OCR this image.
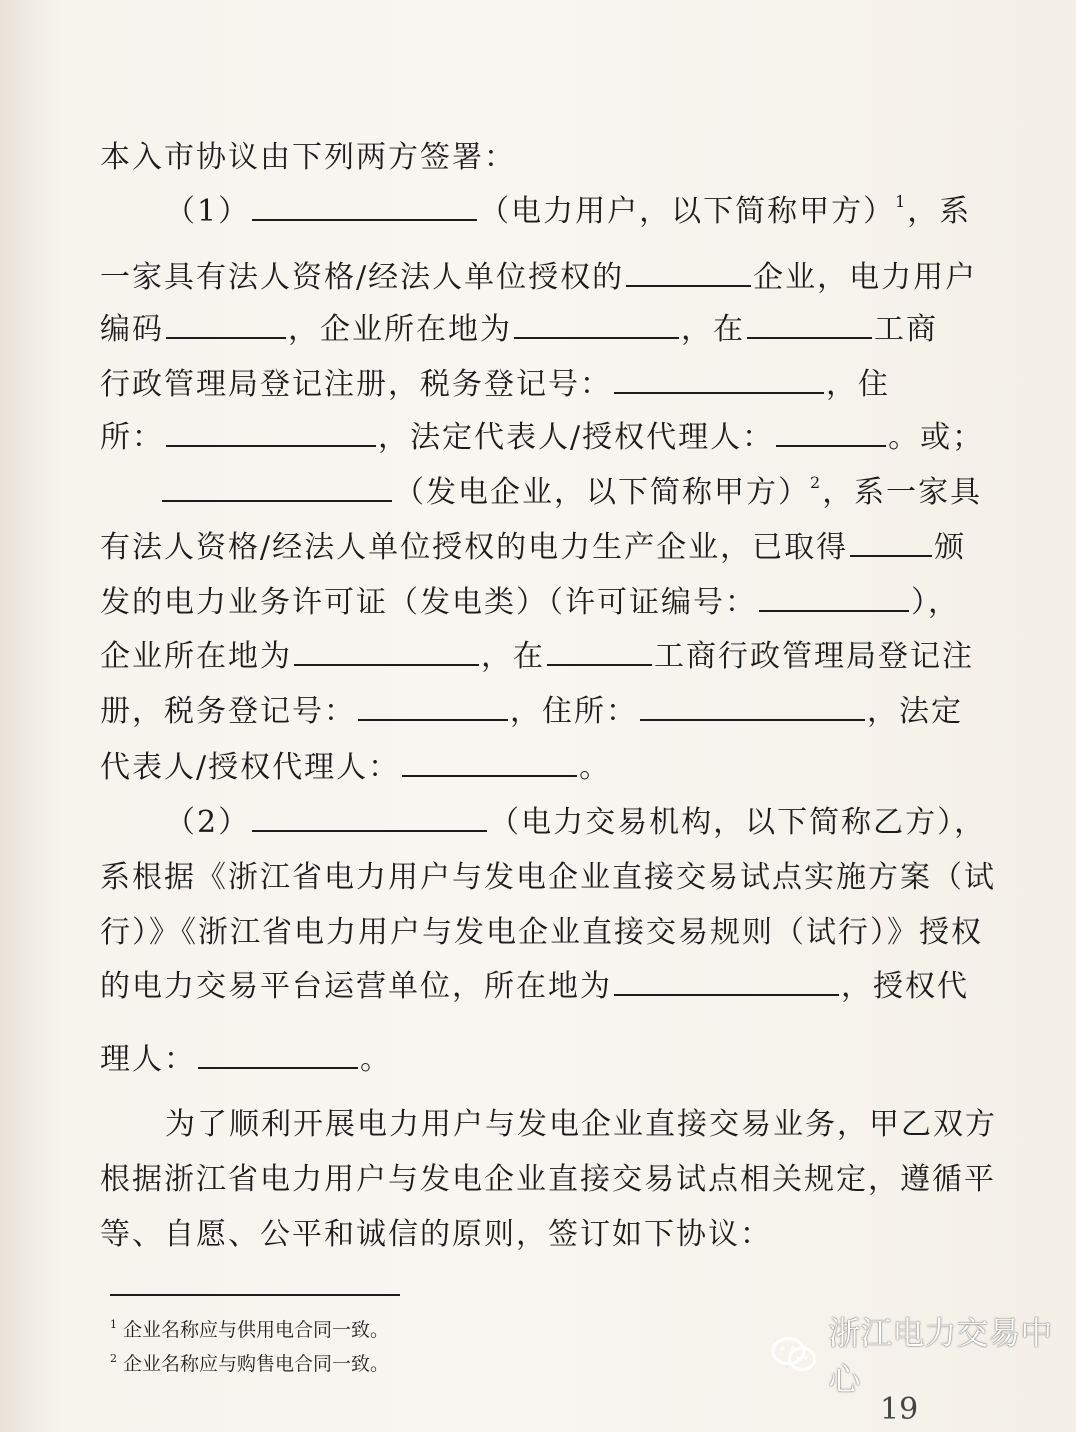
本入市协议由下列两方签署：
（1）	（电力用户，以下简称甲方）$^1$，系
一家具有法人资格/经法人单位授权的	企业，电力用户
编码	，企业所在地为	，在	工商
行政管理局登记注册，税务登记号：	，住
所：	，法定代表人/授权代理人：	。或；
（发电企业，以下简称甲方）$^2$，系一家具
有法人资格/经法人单位授权的电力生产企业，已取得	颁
发的电力业务许可证（发电类）（许可证编号：	），
企业所在地为	，在	工商行政管理局登记注
册，税务登记号：	，住所：	，法定
代表人/授权代理人：	。
（2）	（电力交易机构，以下简称乙方），
系根据《浙江省电力用户与发电企业直接交易试点实施方案（试
行）》《浙江省电力用户与发电企业直接交易规则（试行）》授权
的电力交易平台运营单位，所在地为	，授权代
理人：	。
为了顺利开展电力用户与发电企业直接交易业务，甲乙双方
根据浙江省电力用户与发电企业直接交易试点相关规定，遵循平
等、自愿、公平和诚信的原则，签订如下协议：
$^1$ 企业名称应与供用电合同一致。
$^2$ 企业名称应与购售电合同一致。
浙江电力交易中心
19
